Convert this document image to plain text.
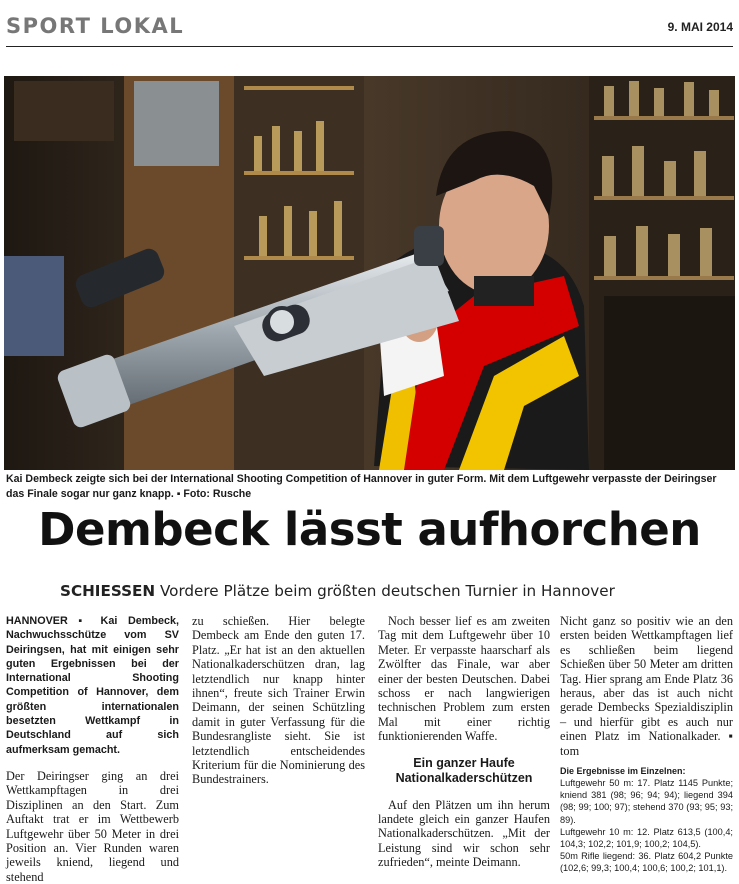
SPORT LOKAL	9. MAI 2014
Kai Dembeck zeigte sich bei der International Shooting Competition of Hannover in guter Form. Mit dem Luftgewehr verpasste der Deiringser das Finale sogar nur ganz knapp. ▪ Foto: Rusche
Dembeck lässt aufhorchen
SCHIESSEN Vordere Plätze beim größten deutschen Turnier in Hannover

HANNOVER ▪ Kai Dembeck, Nachwuchsschütze vom SV Deiringsen, hat mit einigen sehr guten Ergebnissen bei der International Shooting Competition of Hannover, dem größten internationalen besetzten Wettkampf in Deutschland auf sich aufmerksam gemacht.

Der Deiringser ging an drei Wettkampftagen in drei Disziplinen an den Start. Zum Auftakt trat er im Wettbewerb Luftgewehr über 50 Meter in drei Position an. Vier Runden waren jeweils kniend, liegend und stehend

zu schießen. Hier belegte Dembeck am Ende den guten 17. Platz. „Er hat ist an den aktuellen Nationalkaderschützen dran, lag letztendlich nur knapp hinter ihnen“, freute sich Trainer Erwin Deimann, der seinen Schützling damit in guter Verfassung für die Bundesrangliste sieht. Sie ist letztendlich entscheidendes Kriterium für die Nominierung des Bundestrainers.

Noch besser lief es am zweiten Tag mit dem Luftgewehr über 10 Meter. Er verpasste haarscharf als Zwölfter das Finale, war aber einer der besten Deutschen. Dabei schoss er nach langwierigen technischen Problem zum ersten Mal mit einer richtig funktionierenden Waffe.

Ein ganzer Haufe Nationalkaderschützen

Auf den Plätzen um ihn herum landete gleich ein ganzer Haufen Nationalkaderschützen. „Mit der Leistung sind wir schon sehr zufrieden“, meinte Deimann.

Nicht ganz so positiv wie an den ersten beiden Wettkampftagen lief es schließen beim liegend Schießen über 50 Meter am dritten Tag. Hier sprang am Ende Platz 36 heraus, aber das ist auch nicht gerade Dembecks Spezialdisziplin – und hierfür gibt es auch nur einen Platz im Nationalkader. ▪ tom

Die Ergebnisse im Einzelnen:

Luftgewehr 50 m: 17. Platz 1145 Punkte; kniend 381 (98; 96; 94; 94); liegend 394 (98; 99; 100; 97); stehend 370 (93; 95; 93; 89).

Luftgewehr 10 m: 12. Platz 613,5 (100,4; 104,3; 102,2; 101,9; 100,2; 104,5).

50m Rifle liegend: 36. Platz 604,2 Punkte (102,6; 99,3; 100,4; 100,6; 100,2; 101,1).
